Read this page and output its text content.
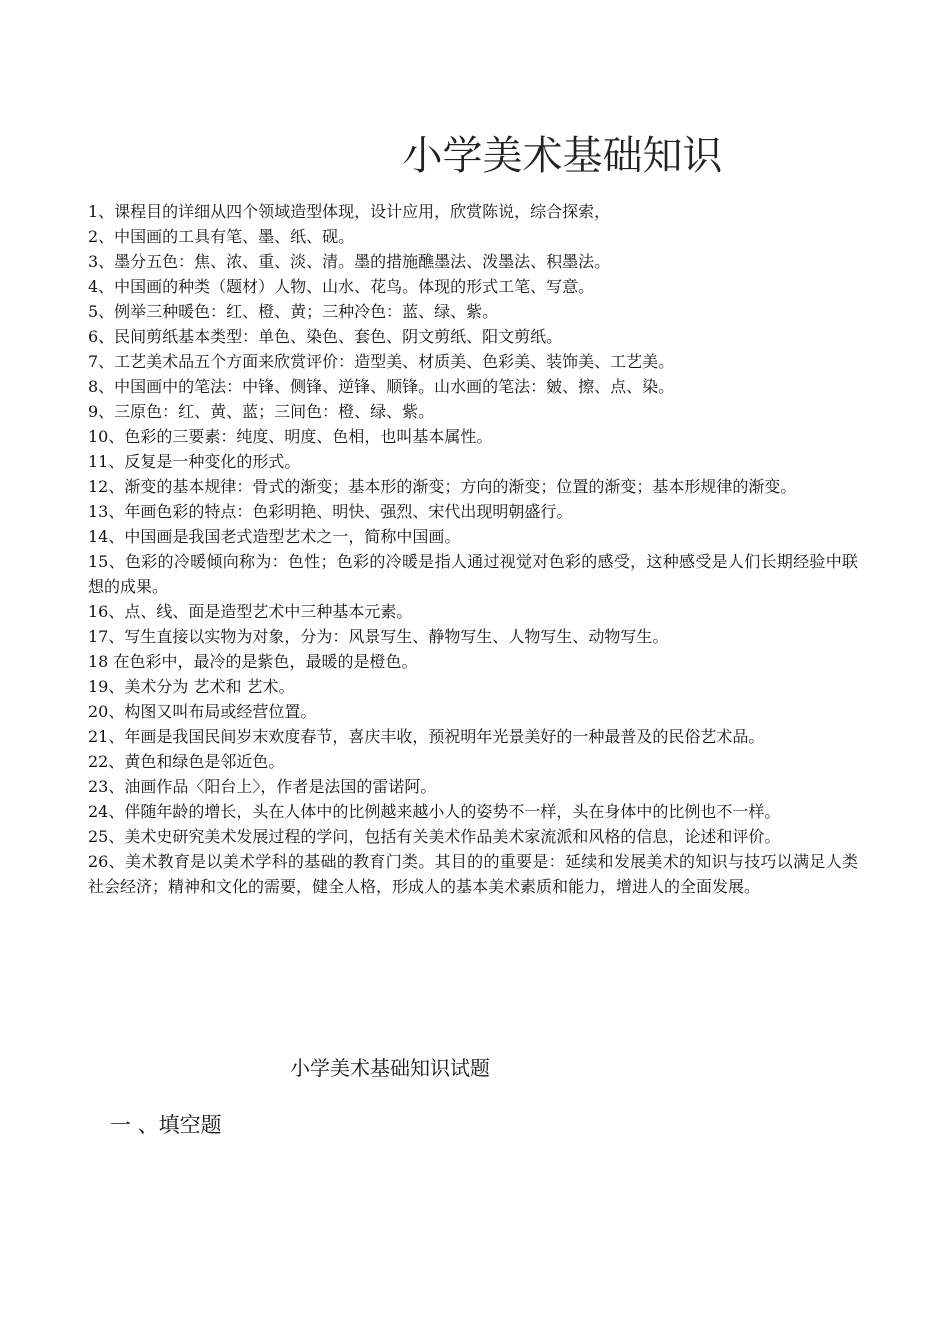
小学美术基础知识

1、课程目的详细从四个领域造型体现，设计应用，欣赏陈说，综合探索，

2、中国画的工具有笔、墨、纸、砚。

3、墨分五色：焦、浓、重、淡、清。墨的措施醮墨法、泼墨法、积墨法。

4、中国画的种类（题材）人物、山水、花鸟。体现的形式工笔、写意。

5、例举三种暖色：红、橙、黄；三种冷色：蓝、绿、紫。

6、民间剪纸基本类型：单色、染色、套色、阴文剪纸、阳文剪纸。

7、工艺美术品五个方面来欣赏评价：造型美、材质美、色彩美、装饰美、工艺美。

8、中国画中的笔法：中锋、侧锋、逆锋、顺锋。山水画的笔法：皴、擦、点、染。

9、三原色：红、黄、蓝；三间色：橙、绿、紫。

10、色彩的三要素：纯度、明度、色相，也叫基本属性。

11、反复是一种变化的形式。

12、渐变的基本规律：骨式的渐变；基本形的渐变；方向的渐变；位置的渐变；基本形规律的渐变。

13、年画色彩的特点：色彩明艳、明快、强烈、宋代出现明朝盛行。

14、中国画是我国老式造型艺术之一，简称中国画。

15、色彩的冷暖倾向称为：色性；色彩的冷暖是指人通过视觉对色彩的感受，这种感受是人们长期经验中联想的成果。

16、点、线、面是造型艺术中三种基本元素。

17、写生直接以实物为对象，分为：风景写生、静物写生、人物写生、动物写生。

18 在色彩中，最冷的是紫色，最暖的是橙色。

19、美术分为 艺术和 艺术。

20、构图又叫布局或经营位置。

21、年画是我国民间岁末欢度春节，喜庆丰收，预祝明年光景美好的一种最普及的民俗艺术品。

22、黄色和绿色是邻近色。

23、油画作品〈阳台上〉，作者是法国的雷诺阿。

24、伴随年龄的增长，头在人体中的比例越来越小人的姿势不一样，头在身体中的比例也不一样。

25、美术史研究美术发展过程的学问，包括有关美术作品美术家流派和风格的信息，论述和评价。

26、美术教育是以美术学科的基础的教育门类。其目的的重要是：延续和发展美术的知识与技巧以满足人类社会经济；精神和文化的需要，健全人格，形成人的基本美术素质和能力，增进人的全面发展。

小学美术基础知识试题
一 、填空题
